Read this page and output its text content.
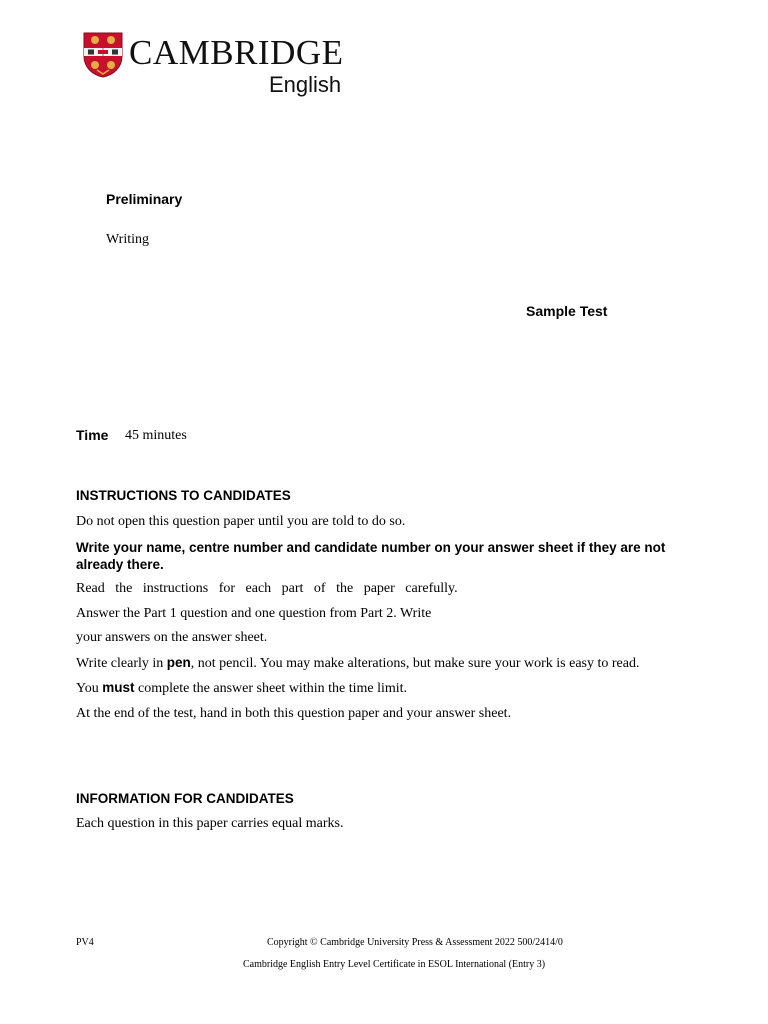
CAMBRIDGE
English
Preliminary
Writing
Sample Test
Time 45 minutes
INSTRUCTIONS TO CANDIDATES
Do not open this question paper until you are told to do so.
Write your name, centre number and candidate number on your answer sheet if they are not already there.
Read the instructions for each part of the paper carefully.
Answer the Part 1 question and one question from Part 2. Write
your answers on the answer sheet.
Write clearly in pen, not pencil. You may make alterations, but make sure your work is easy to read.
You must complete the answer sheet within the time limit.
At the end of the test, hand in both this question paper and your answer sheet.
INFORMATION FOR CANDIDATES
Each question in this paper carries equal marks.
PV4	Copyright © Cambridge University Press & Assessment 2022 500/2414/0
Cambridge English Entry Level Certificate in ESOL International (Entry 3)
